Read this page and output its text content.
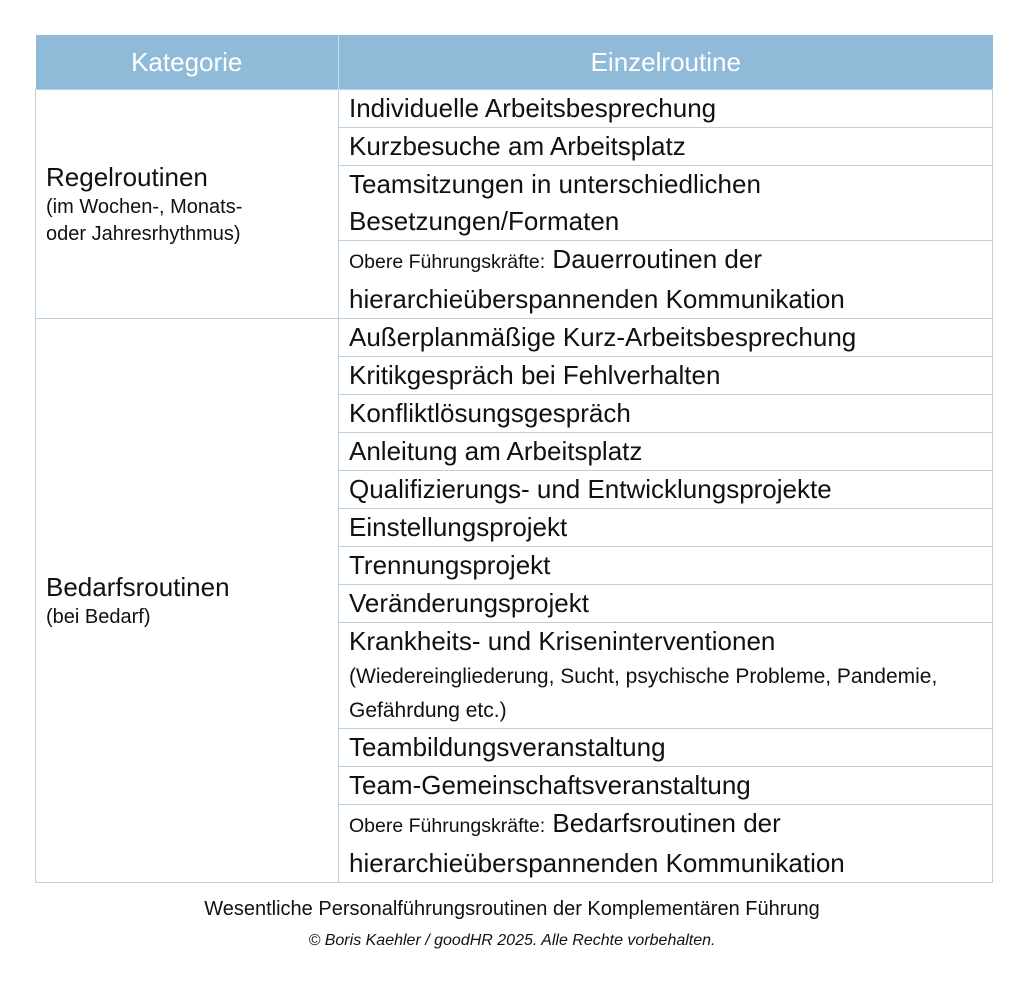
Kategorie	Einzelroutine

Regelroutinen
(im Wochen-, Monats-
oder Jahresrhythmus)	Individuelle Arbeitsbesprechung
	Kurzbesuche am Arbeitsplatz
	Teamsitzungen in unterschiedlichen Besetzungen/Formaten
	Obere Führungskräfte: Dauerroutinen der hierarchieüberspannenden Kommunikation

Bedarfsroutinen
(bei Bedarf)	Außerplanmäßige Kurz-Arbeitsbesprechung
	Kritikgespräch bei Fehlverhalten
	Konfliktlösungsgespräch
	Anleitung am Arbeitsplatz
	Qualifizierungs- und Entwicklungsprojekte
	Einstellungsprojekt
	Trennungsprojekt
	Veränderungsprojekt
	Krankheits- und Kriseninterventionen
(Wiedereingliederung, Sucht, psychische Probleme, Pandemie, Gefährdung etc.)

	Teambildungsveranstaltung
	Team-Gemeinschaftsveranstaltung
	Obere Führungskräfte: Bedarfsroutinen der hierarchieüberspannenden Kommunikation
Wesentliche Personalführungsroutinen der Komplementären Führung
© Boris Kaehler / goodHR 2025. Alle Rechte vorbehalten.
